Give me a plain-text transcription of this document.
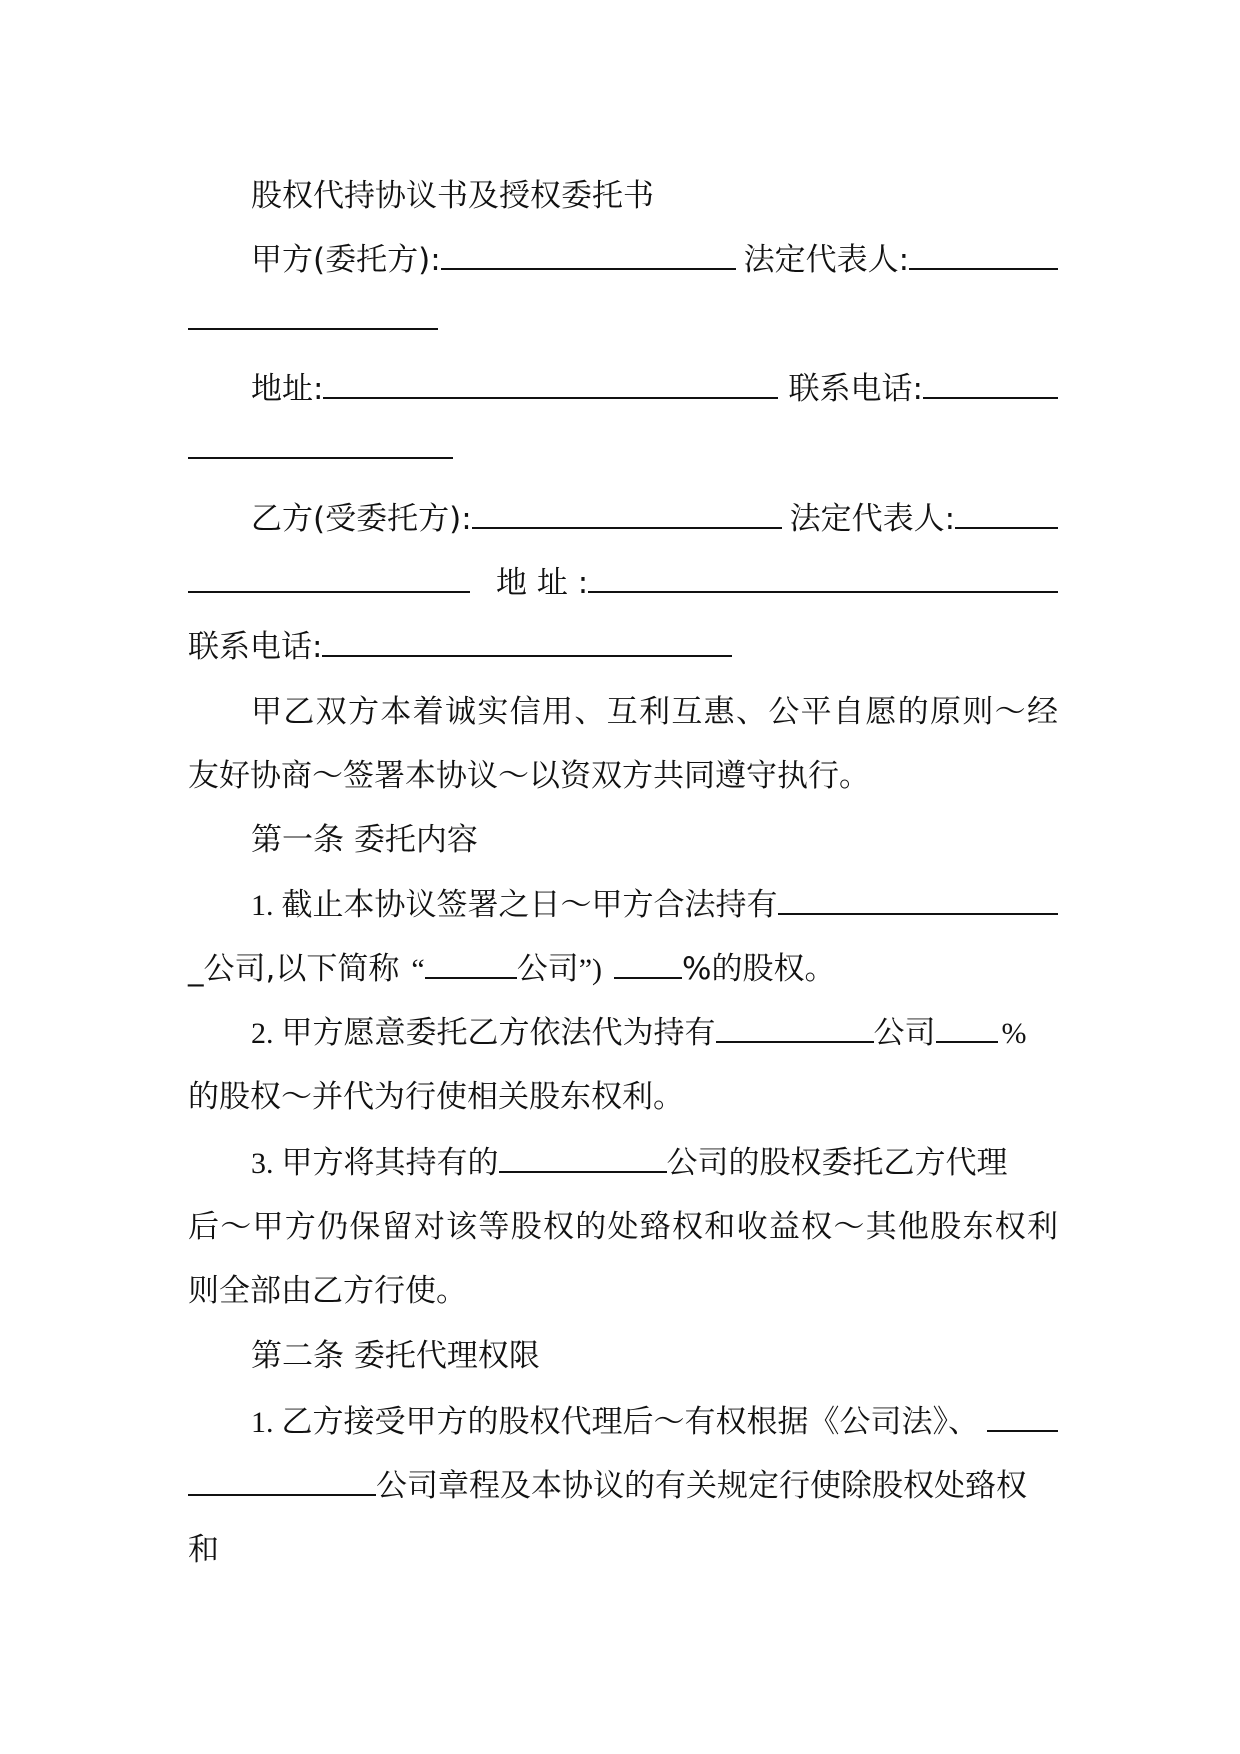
股权代持协议书及授权委托书
甲方(委托方):	法定代表人:
地址:	联系电话:
乙方(受委托方):	法定代表人:
地 址 :
联系电话:
甲乙双方本着诚实信用、互利互惠、公平自愿的原则～经
友好协商～签署本协议～以资双方共同遵守执行。
第一条 委托内容
1. 截止本协议签署之日～甲方合法持有
_公司,以下简称 “	公司 ”)	%的股权。
2. 甲方愿意委托乙方依法代为持有	公司 %
的股权～并代为行使相关股东权利。
3. 甲方将其持有的	公司的股权委托乙方代理
后～甲方仍保留对该等股权的处臵权和收益权～其他股东权利
则全部由乙方行使。
第二条 委托代理权限
1. 乙方接受甲方的股权代理后～有权根据《公司法》、
公司章程及本协议的有关规定行使除股权处臵权
和
